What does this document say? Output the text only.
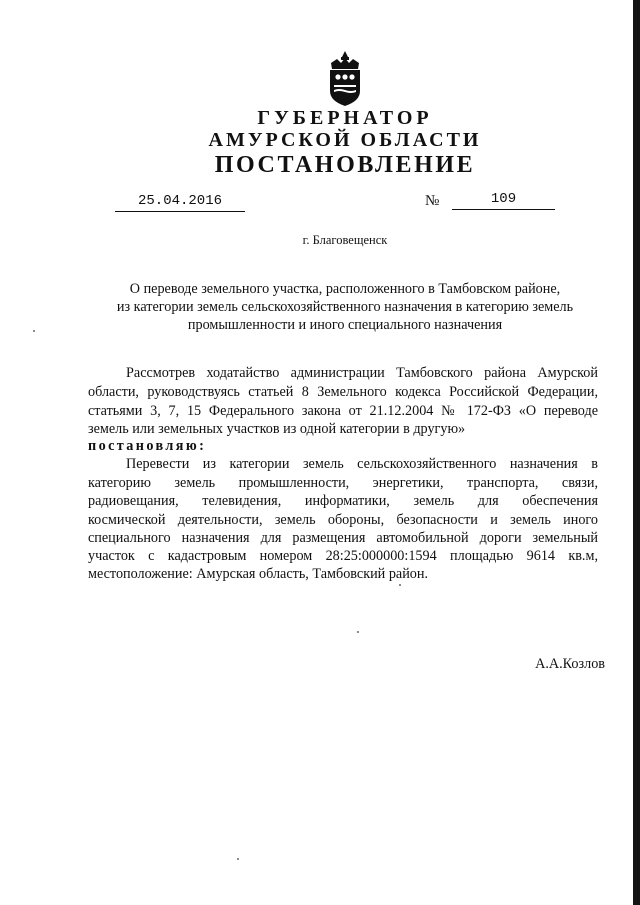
ГУБЕРНАТОР
АМУРСКОЙ ОБЛАСТИ
ПОСТАНОВЛЕНИЕ
25.04.2016	№	109
г. Благовещенск
О переводе земельного участка, расположенного в Тамбовском районе,
из категории земель сельскохозяйственного назначения в категорию земель
промышленности и иного специального назначения
Рассмотрев ходатайство администрации Тамбовского района Амурской
области, руководствуясь статьей 8 Земельного кодекса Российской Федерации,
статьями 3, 7, 15 Федерального закона от 21.12.2004 № 172-ФЗ «О переводе
земель или земельных участков из одной категории в другую»
постановляю:
Перевести из категории земель сельскохозяйственного назначения в
категорию земель промышленности, энергетики, транспорта, связи,
радиовещания, телевидения, информатики, земель для обеспечения
космической деятельности, земель обороны, безопасности и земель иного
специального назначения для размещения автомобильной дороги земельный
участок с кадастровым номером 28:25:000000:1594 площадью 9614 кв.м,
местоположение: Амурская область, Тамбовский район.
А.А.Козлов
